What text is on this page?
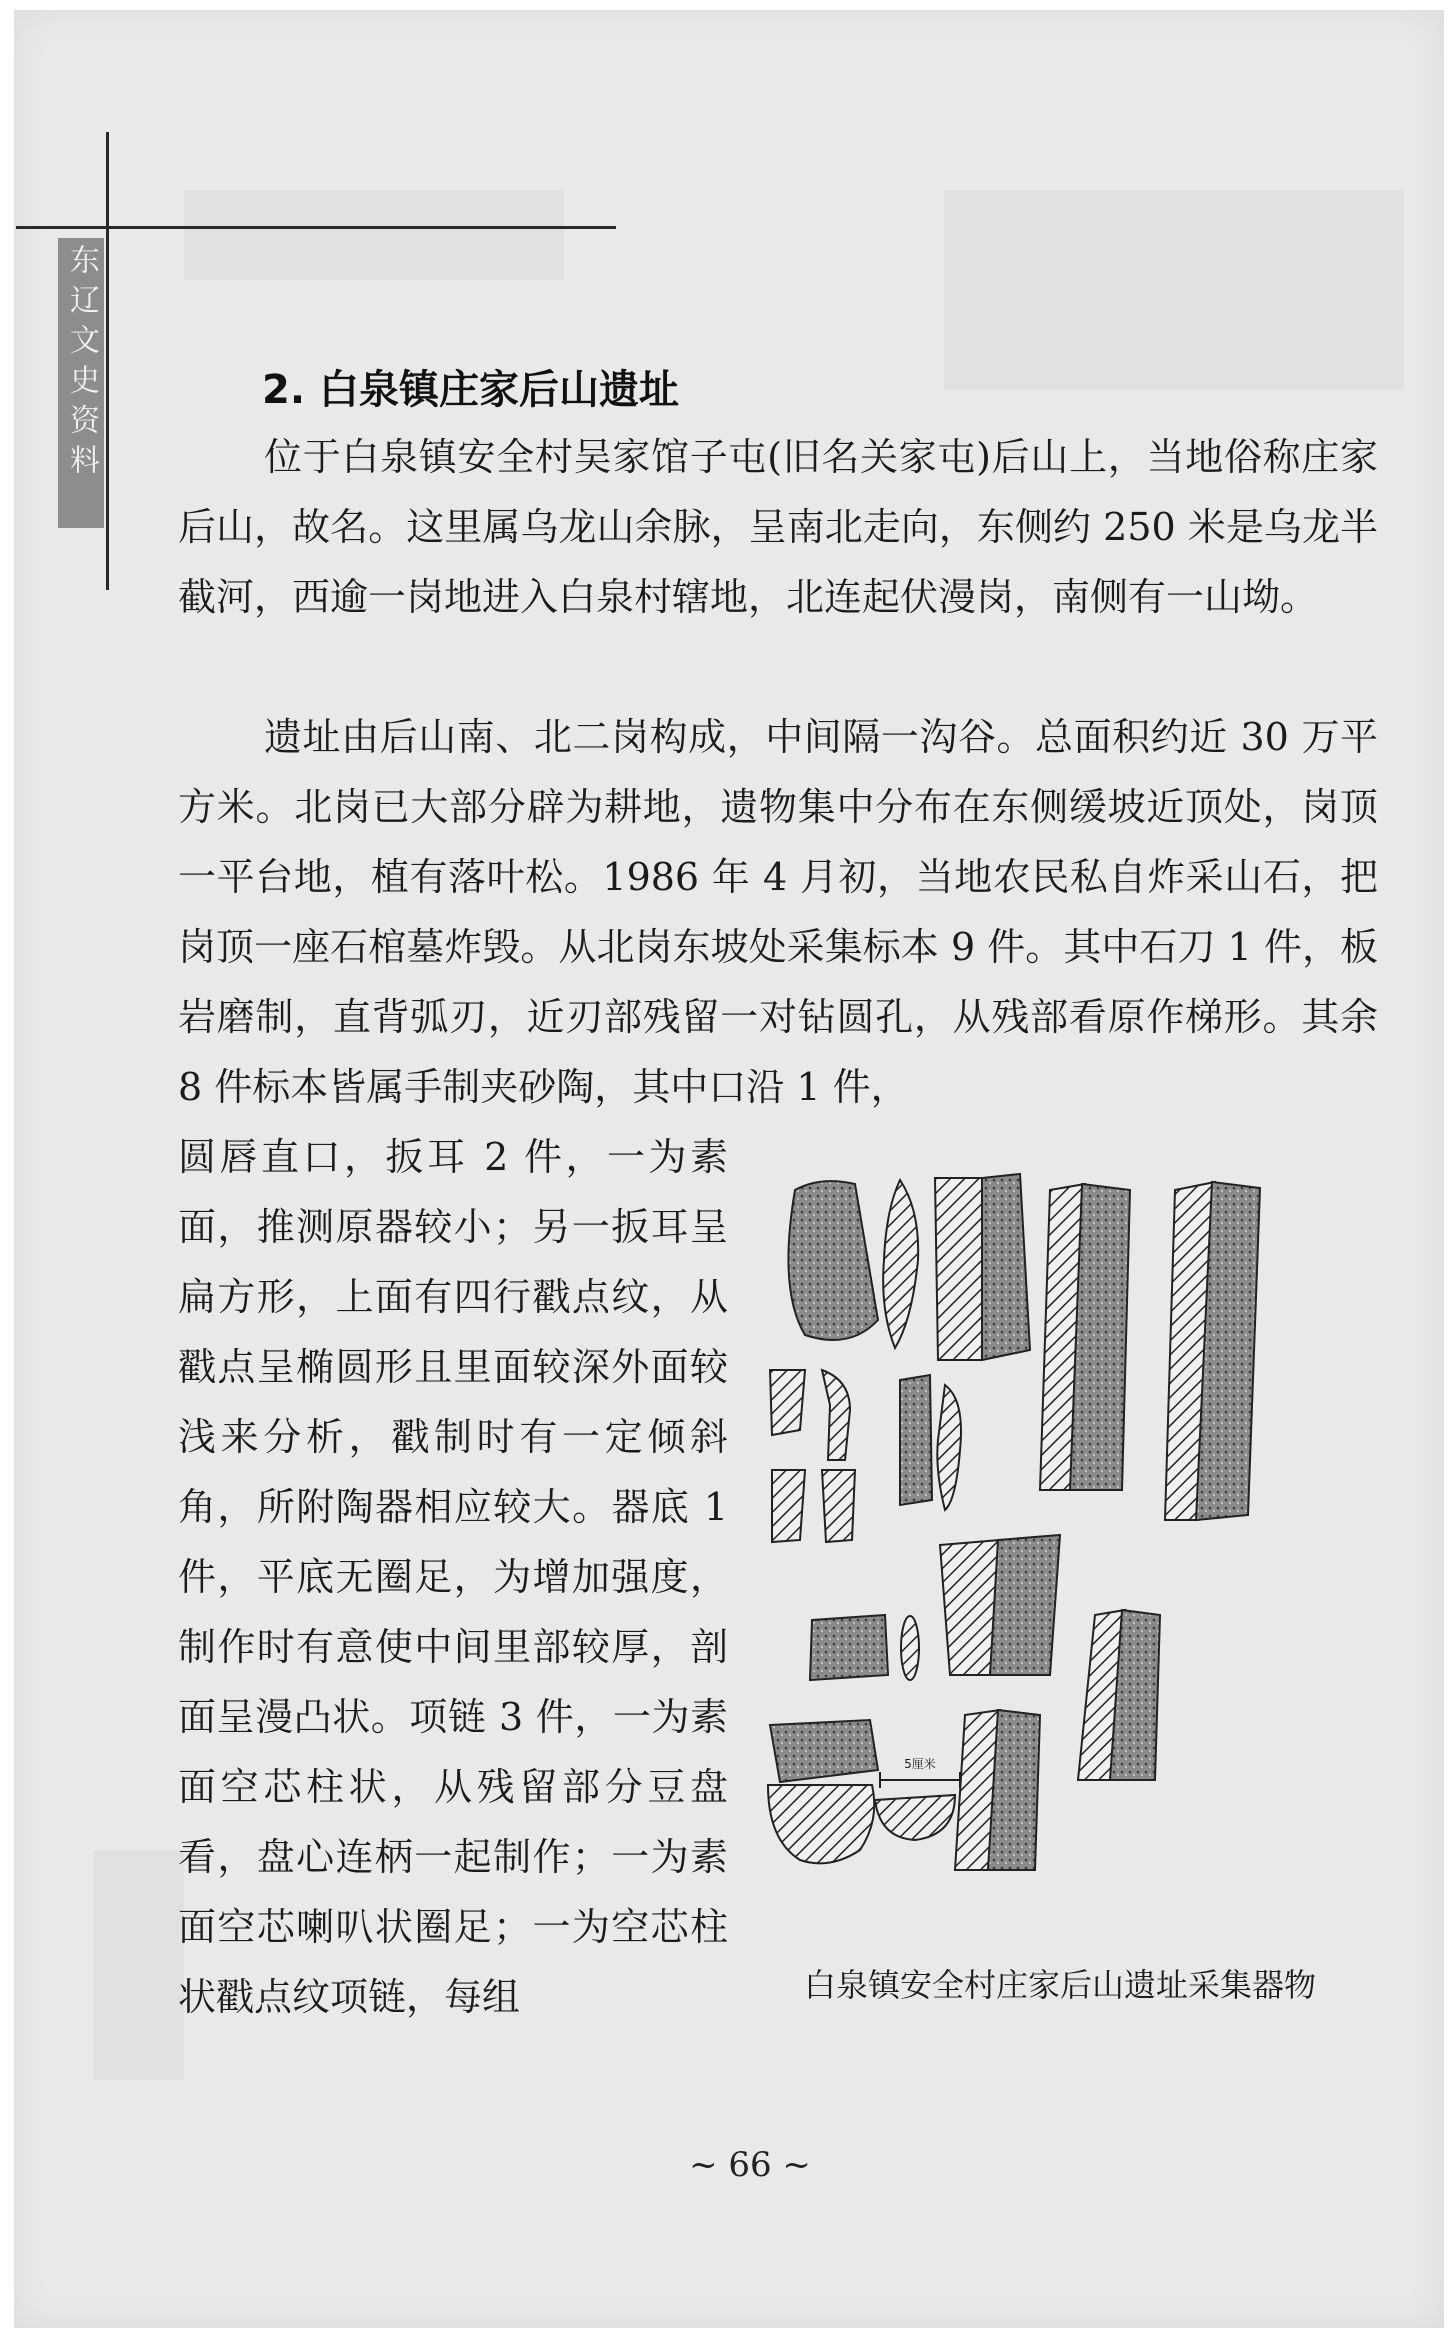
东辽文史资料	2. 白泉镇庄家后山遗址
位于白泉镇安全村吴家馆子屯(旧名关家屯)后山上，当地俗称庄家后山，故名。这里属乌龙山余脉，呈南北走向，东侧约 250 米是乌龙半截河，西逾一岗地进入白泉村辖地，北连起伏漫岗，南侧有一山坳。
遗址由后山南、北二岗构成，中间隔一沟谷。总面积约近 30 万平方米。北岗已大部分辟为耕地，遗物集中分布在东侧缓坡近顶处，岗顶一平台地，植有落叶松。1986 年 4 月初，当地农民私自炸采山石，把岗顶一座石棺墓炸毁。从北岗东坡处采集标本 9 件。其中石刀 1 件，板岩磨制，直背弧刃，近刃部残留一对钻圆孔，从残部看原作梯形。其余 8 件标本皆属手制夹砂陶，其中口沿 1 件，
圆唇直口，扳耳 2 件，一为素面，推测原器较小；另一扳耳呈扁方形，上面有四行戳点纹，从戳点呈椭圆形且里面较深外面较浅来分析，戳制时有一定倾斜角，所附陶器相应较大。器底 1 件，平底无圈足，为增加强度，制作时有意使中间里部较厚，剖面呈漫凸状。项链 3 件，一为素面空芯柱状，从残留部分豆盘看，盘心连柄一起制作；一为素面空芯喇叭状圈足；一为空芯柱状戳点纹项链，每组
5厘米
白泉镇安全村庄家后山遗址采集器物
~ 66 ~
